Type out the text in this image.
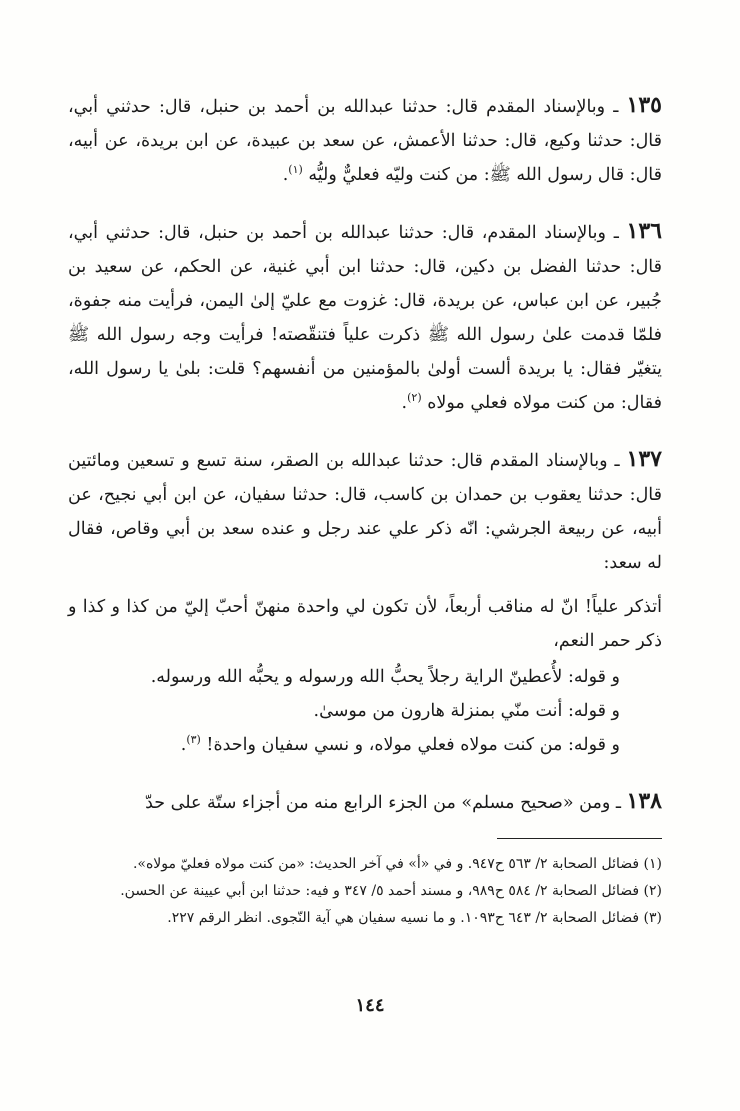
١٣٥ ـ وبالإسناد المقدم قال: حدثنا عبدالله بن أحمد بن حنبل، قال: حدثني أبي، قال: حدثنا وكيع، قال: حدثنا الأعمش، عن سعد بن عبيدة، عن ابن بريدة، عن أبيه، قال: قال رسول الله ﷺ: من كنت وليّه فعليٌّ وليُّه $^{(١)}$.

١٣٦ ـ وبالإسناد المقدم، قال: حدثنا عبدالله بن أحمد بن حنبل، قال: حدثني أبي، قال: حدثنا الفضل بن دكين، قال: حدثنا ابن أبي غنية، عن الحكم، عن سعيد بن جُبير، عن ابن عباس، عن بريدة، قال: غزوت مع عليّ إلىٰ اليمن، فرأيت منه جفوة، فلمّا قدمت علىٰ رسول الله ﷺ ذكرت علياً فتنقّصته! فرأيت وجه رسول الله ﷺ يتغيّر فقال: يا بريدة ألست أولىٰ بالمؤمنين من أنفسهم؟ قلت: بلىٰ يا رسول الله، فقال: من كنت مولاه فعلي مولاه $^{(٢)}$.

١٣٧ ـ وبالإسناد المقدم قال: حدثنا عبدالله بن الصقر، سنة تسع و تسعين ومائتين قال: حدثنا يعقوب بن حمدان بن كاسب، قال: حدثنا سفيان، عن ابن أبي نجيح، عن أبيه، عن ربيعة الجرشي: انّه ذكر علي عند رجل و عنده سعد بن أبي وقاص، فقال له سعد:

أتذكر علياً! انّ له مناقب أربعاً، لأن تكون لي واحدة منهنّ أحبّ إليّ من كذا و كذا و ذكر حمر النعم،

و قوله: لأُعطينّ الراية رجلاً يحبُّ الله ورسوله و يحبُّه الله ورسوله.

و قوله: أنت منّي بمنزلة هارون من موسىٰ.

و قوله: من كنت مولاه فعلي مولاه، و نسي سفيان واحدة! $^{(٣)}$.

١٣٨ ـ ومن «صحيح مسلم» من الجزء الرابع منه من أجزاء ستّة على حدّ

(١) فضائل الصحابة ٢/ ٥٦٣ ح٩٤٧. و في «أ» في آخر الحديث: «من كنت مولاه فعليّ مولاه».

(٢) فضائل الصحابة ٢/ ٥٨٤ ح٩٨٩، و مسند أحمد ٥/ ٣٤٧ و فيه: حدثنا ابن أبي عيينة عن الحسن.

(٣) فضائل الصحابة ٢/ ٦٤٣ ح١٠٩٣. و ما نسيه سفيان هي آية النّجوى. انظر الرقم ٢٢٧.

١٤٤
